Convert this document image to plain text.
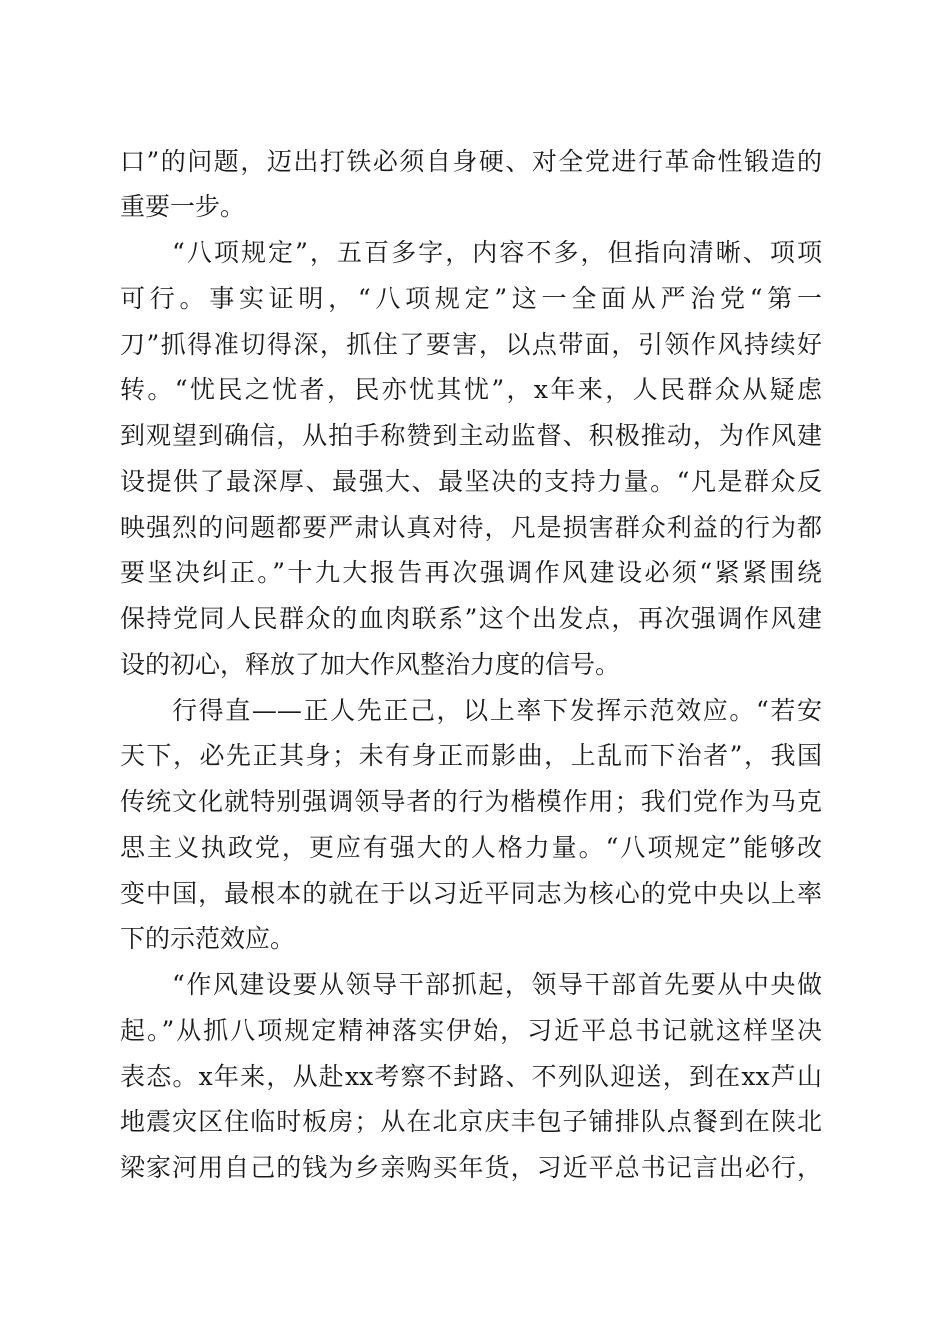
口”的问题，迈出打铁必须自身硬、对全党进行革命性锻造的
重要一步。
“八项规定”，五百多字，内容不多，但指向清晰、项项
可行。事实证明，“八项规定”这一全面从严治党“第一
刀”抓得准切得深，抓住了要害，以点带面，引领作风持续好
转。“忧民之忧者，民亦忧其忧”，x年来，人民群众从疑虑
到观望到确信，从拍手称赞到主动监督、积极推动，为作风建
设提供了最深厚、最强大、最坚决的支持力量。“凡是群众反
映强烈的问题都要严肃认真对待，凡是损害群众利益的行为都
要坚决纠正。”十九大报告再次强调作风建设必须“紧紧围绕
保持党同人民群众的血肉联系”这个出发点，再次强调作风建
设的初心，释放了加大作风整治力度的信号。
行得直——正人先正己，以上率下发挥示范效应。“若安
天下，必先正其身；未有身正而影曲，上乱而下治者”，我国
传统文化就特别强调领导者的行为楷模作用；我们党作为马克
思主义执政党，更应有强大的人格力量。“八项规定”能够改
变中国，最根本的就在于以习近平同志为核心的党中央以上率
下的示范效应。
“作风建设要从领导干部抓起，领导干部首先要从中央做
起。”从抓八项规定精神落实伊始，习近平总书记就这样坚决
表态。x年来，从赴xx考察不封路、不列队迎送，到在xx芦山
地震灾区住临时板房；从在北京庆丰包子铺排队点餐到在陕北
梁家河用自己的钱为乡亲购买年货，习近平总书记言出必行，
